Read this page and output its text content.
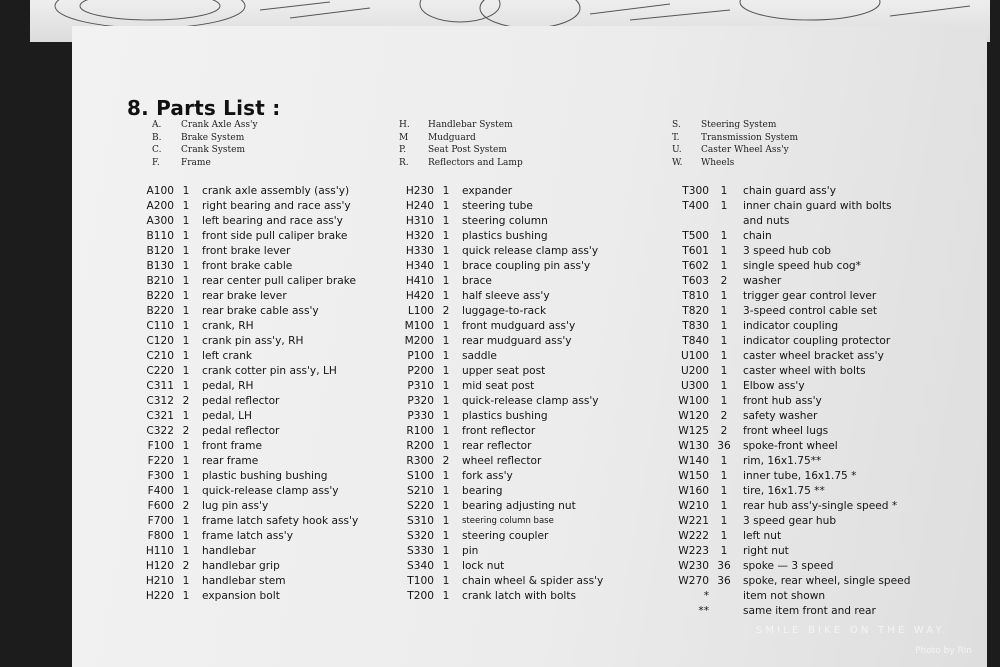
8. Parts List :
A.	Crank Axle Ass'y
B.	Brake System
C.	Crank System
F.	Frame
H.	Handlebar System
M	Mudguard
P.	Seat Post System
R.	Reflectors and Lamp
S.	Steering System
T.	Transmission System
U.	Caster Wheel Ass'y
W.	Wheels
A100 1	crank axle assembly (ass'y)
A200 1	right bearing and race ass'y
A300 1	left bearing and race ass'y
B110 1	front side pull caliper brake
B120 1	front brake lever
B130 1	front brake cable
B210 1	rear center pull caliper brake
B220 1	rear brake lever
B220 1	rear brake cable ass'y
C110 1	crank, RH
C120 1	crank pin ass'y, RH
C210 1	left crank
C220 1	crank cotter pin ass'y, LH
C311 1	pedal, RH
C312 2	pedal reflector
C321 1	pedal, LH
C322 2	pedal reflector
F100 1	front frame
F220 1	rear frame
F300 1	plastic bushing bushing
F400 1	quick-release clamp ass'y
F600 2	lug pin ass'y
F700 1	frame latch safety hook ass'y
F800 1	frame latch ass'y
H110 1	handlebar
H120 2	handlebar grip
H210 1	handlebar stem
H220 1	expansion bolt
H230 1	expander
H240 1	steering tube
H310 1	steering column
H320 1	plastics bushing
H330 1	quick release clamp ass'y
H340 1	brace coupling pin ass'y
H410 1	brace
H420 1	half sleeve ass'y
L100 2	luggage-to-rack
M100 1	front mudguard ass'y
M200 1	rear mudguard ass'y
P100 1	saddle
P200 1	upper seat post
P310 1	mid seat post
P320 1	quick-release clamp ass'y
P330 1	plastics bushing
R100 1	front reflector
R200 1	rear reflector
R300 2	wheel reflector
S100 1	fork ass'y
S210 1	bearing
S220 1	bearing adjusting nut
S310 1	steering column base
S320 1	steering coupler
S330 1	pin
S340 1	lock nut
T100 1	chain wheel & spider ass'y
T200 1	crank latch with bolts
T300	1	chain guard ass'y
T400	1	inner chain guard with bolts
and nuts
T500	1	chain
T601	1	3 speed hub cob
T602	1	single speed hub cog*
T603	2	washer
T810	1	trigger gear control lever
T820	1	3-speed control cable set
T830	1	indicator coupling
T840	1	indicator coupling protector
U100	1	caster wheel bracket ass'y
U200	1	caster wheel with bolts
U300	1	Elbow ass'y
W100	1	front hub ass'y
W120	2	safety washer
W125	2	front wheel lugs
W130 36	spoke-front wheel
W140	1	rim, 16x1.75**
W150	1	inner tube, 16x1.75 *
W160	1	tire, 16x1.75 **
W210	1	rear hub ass'y-single speed *
W221	1	3 speed gear hub
W222	1	left nut
W223	1	right nut
W230 36	spoke — 3 speed
W270 36	spoke, rear wheel, single speed
*	item not shown
**	same item front and rear
SMILE BIKE ON THE WAY
Photo by Rin
